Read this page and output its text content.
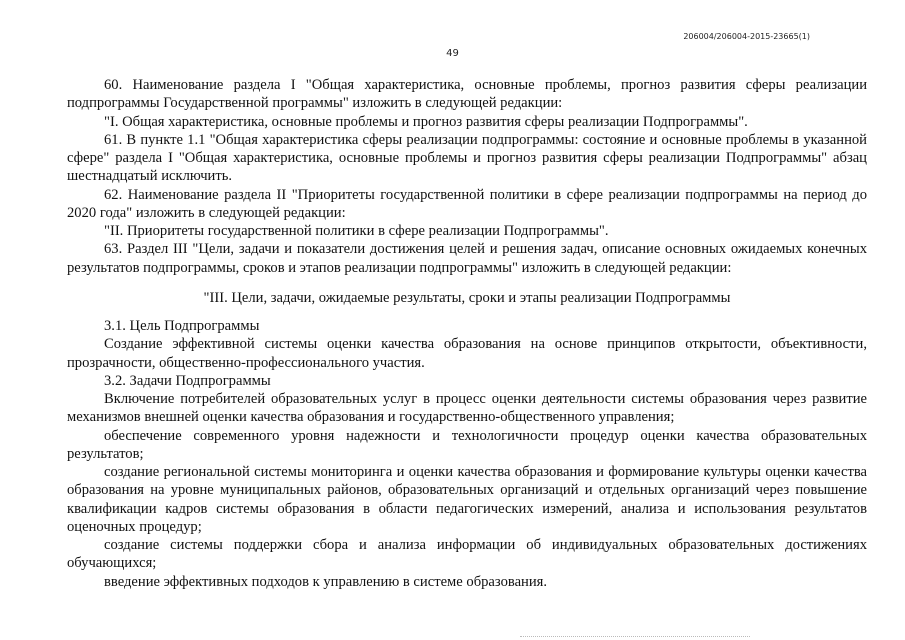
206004/206004-2015-23665(1)
49

60. Наименование раздела I "Общая характеристика, основные проблемы, прогноз развития сферы реализации подпрограммы Государственной программы" изложить в следующей редакции:

"I. Общая характеристика, основные проблемы и прогноз развития сферы реализации Подпрограммы".

61. В пункте 1.1 "Общая характеристика сферы реализации подпрограммы: состояние и основные проблемы в указанной сфере" раздела I "Общая характеристика, основные проблемы и прогноз развития сферы реализации Подпрограммы" абзац шестнадцатый исключить.

62. Наименование раздела II "Приоритеты государственной политики в сфере реализации подпрограммы на период до 2020 года" изложить в следующей редакции:

"II. Приоритеты государственной политики в сфере реализации Подпрограммы".

63. Раздел III "Цели, задачи и показатели достижения целей и решения задач, описание основных ожидаемых конечных результатов подпрограммы, сроков и этапов реализации подпрограммы" изложить в следующей редакции:

"III. Цели, задачи, ожидаемые результаты, сроки и этапы реализации Подпрограммы

3.1. Цель Подпрограммы

Создание эффективной системы оценки качества образования на основе принципов открытости, объективности, прозрачности, общественно-профессионального участия.

3.2. Задачи Подпрограммы

Включение потребителей образовательных услуг в процесс оценки деятельности системы образования через развитие механизмов внешней оценки качества образования и государственно-общественного управления;

обеспечение современного уровня надежности и технологичности процедур оценки качества образовательных результатов;

создание региональной системы мониторинга и оценки качества образования и формирование культуры оценки качества образования на уровне муниципальных районов, образовательных организаций и отдельных организаций через повышение квалификации кадров системы образования в области педагогических измерений, анализа и использования результатов оценочных процедур;

создание системы поддержки сбора и анализа информации об индивидуальных образовательных достижениях обучающихся;

введение эффективных подходов к управлению в системе образования.
